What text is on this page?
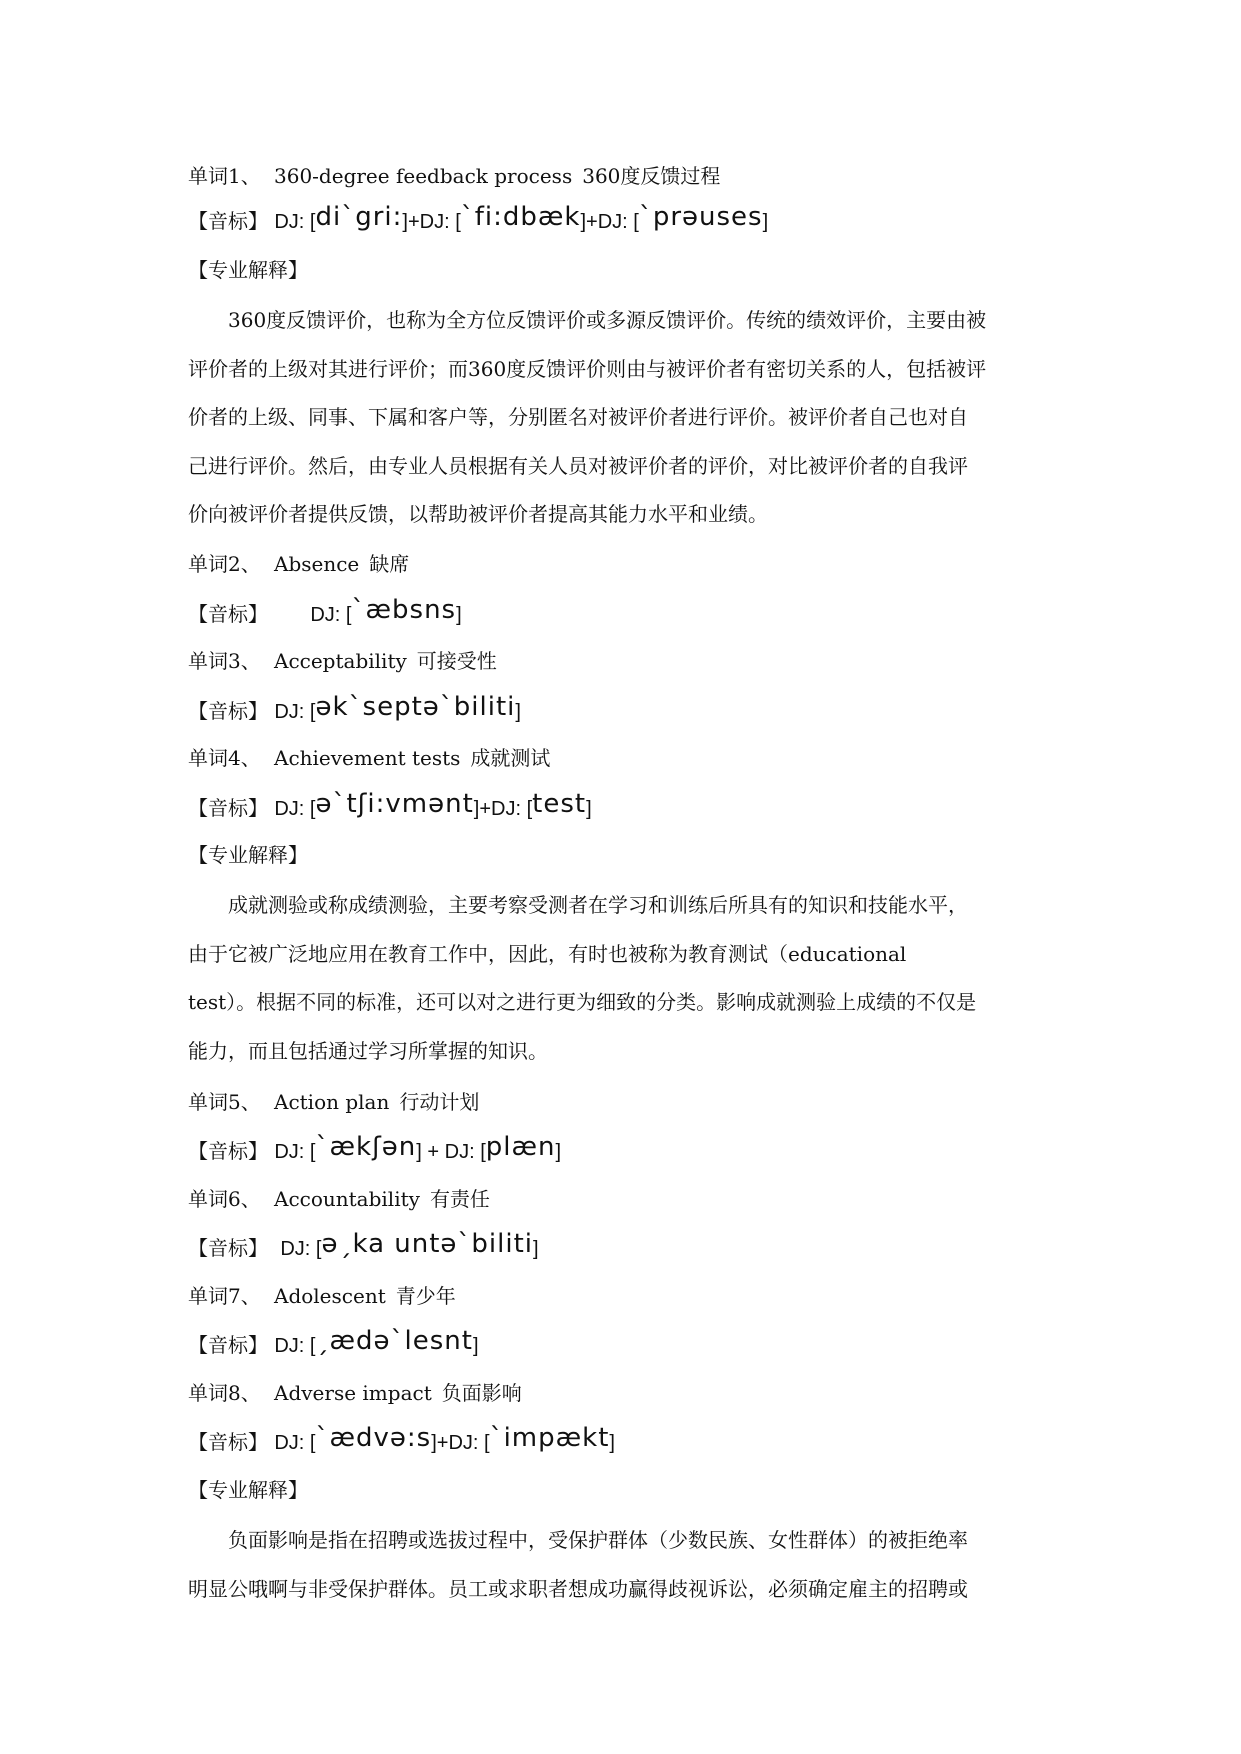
单词1、 360-degree feedback process 360度反馈过程
【音标】 DJ: [di`gri:]+DJ: [`fi:dbæk]+DJ: [`prəuses]
【专业解释】
360度反馈评价，也称为全方位反馈评价或多源反馈评价。传统的绩效评价，主要由被
评价者的上级对其进行评价；而360度反馈评价则由与被评价者有密切关系的人，包括被评
价者的上级、同事、下属和客户等，分别匿名对被评价者进行评价。被评价者自己也对自
己进行评价。然后，由专业人员根据有关人员对被评价者的评价，对比被评价者的自我评
价向被评价者提供反馈，以帮助被评价者提高其能力水平和业绩。
单词2、 Absence 缺席
【音标】 DJ: [`æbsns]
单词3、 Acceptability 可接受性
【音标】 DJ: [ək`septə`biliti]
单词4、 Achievement tests 成就测试
【音标】 DJ: [ə`tʃi:vmənt]+DJ: [test]
【专业解释】
成就测验或称成绩测验，主要考察受测者在学习和训练后所具有的知识和技能水平，
由于它被广泛地应用在教育工作中，因此，有时也被称为教育测试（educational
test）。根据不同的标准，还可以对之进行更为细致的分类。影响成就测验上成绩的不仅是
能力，而且包括通过学习所掌握的知识。
单词5、 Action plan 行动计划
【音标】 DJ: [`ækʃən] + DJ: [plæn]
单词6、 Accountability 有责任
【音标】 DJ: [əˏka untə`biliti]
单词7、 Adolescent 青少年
【音标】 DJ: [ˏædə`lesnt]
单词8、 Adverse impact 负面影响
【音标】 DJ: [`ædvə:s]+DJ: [`impækt]
【专业解释】
负面影响是指在招聘或选拔过程中，受保护群体（少数民族、女性群体）的被拒绝率
明显公哦啊与非受保护群体。员工或求职者想成功赢得歧视诉讼，必须确定雇主的招聘或
